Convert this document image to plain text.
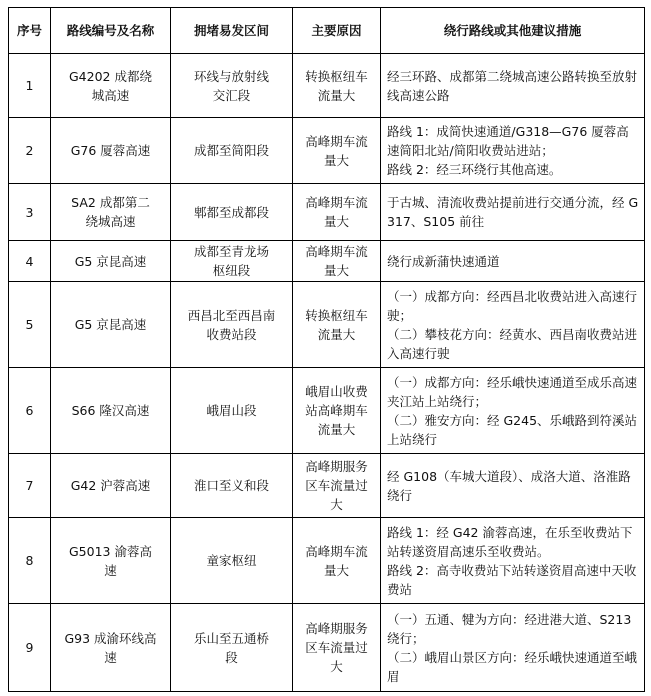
序号	路线编号及名称	拥堵易发区间	主要原因	绕行路线或其他建议措施
1	G4202 成都绕城高速	环线与放射线交汇段	转换枢纽车流量大	经三环路、成都第二绕城高速公路转换至放射线高速公路

2	G76 厦蓉高速	成都至简阳段	高峰期车流量大	路线 1：成简快速通道/G318—G76 厦蓉高速简阳北站/简阳收费站进站；
路线 2：经三环绕行其他高速。

3	SA2 成都第二绕城高速	郫都至成都段	高峰期车流量大	于古城、清流收费站提前进行交通分流，经 G317、S105 前往

4	G5 京昆高速	成都至青龙场枢纽段	高峰期车流量大	绕行成新蒲快速通道

5	G5 京昆高速	西昌北至西昌南收费站段	转换枢纽车流量大	（一）成都方向：经西昌北收费站进入高速行驶；
（二）攀枝花方向：经黄水、西昌南收费站进入高速行驶

6	S66 隆汉高速	峨眉山段	峨眉山收费站高峰期车流量大	（一）成都方向：经乐峨快速通道至成乐高速夹江站上站绕行；
（二）雅安方向：经 G245、乐峨路到符溪站上站绕行

7	G42 沪蓉高速	淮口至义和段	高峰期服务区车流量过大	经 G108（车城大道段）、成洛大道、洛淮路绕行

8	G5013 渝蓉高速	童家枢纽	高峰期车流量大	路线 1：经 G42 渝蓉高速，在乐至收费站下站转遂资眉高速乐至收费站。
路线 2：高寺收费站下站转遂资眉高速中天收费站

9	G93 成渝环线高速	乐山至五通桥段	高峰期服务区车流量过大	（一）五通、犍为方向：经进港大道、S213 绕行；
（二）峨眉山景区方向：经乐峨快速通道至峨眉
